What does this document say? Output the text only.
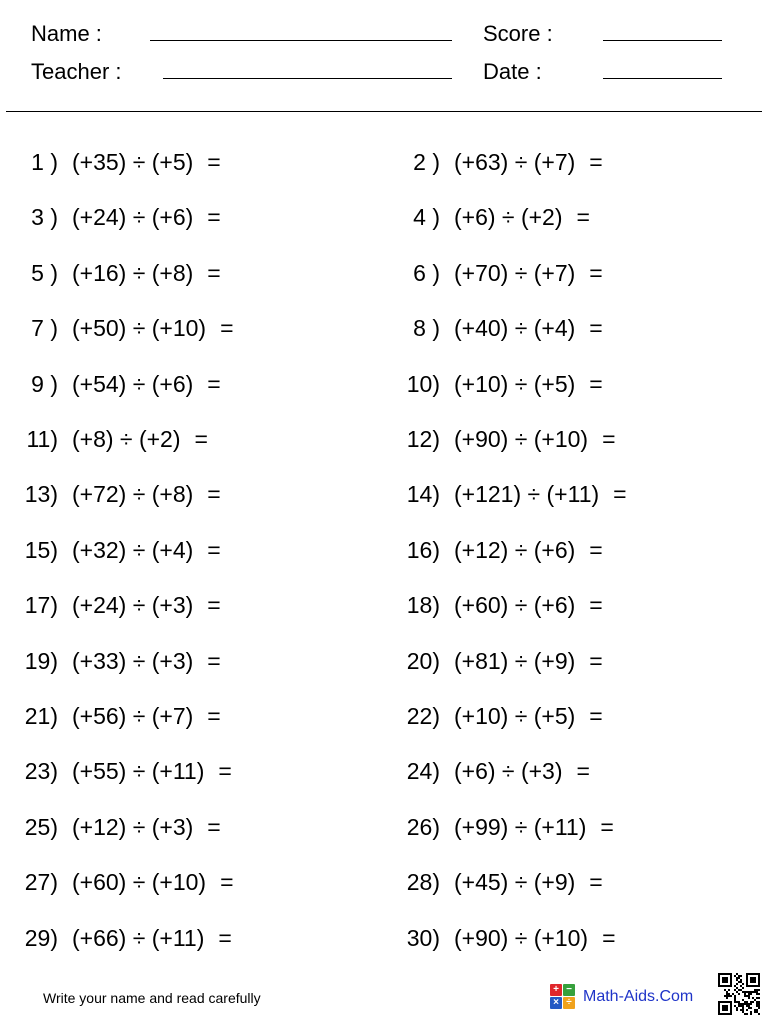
Name :
Teacher :
Score :
Date :
1 ) (+35) ÷ (+5) =	2 ) (+63) ÷ (+7) =
3 ) (+24) ÷ (+6) =	4 ) (+6) ÷ (+2) =
5 ) (+16) ÷ (+8) =	6 ) (+70) ÷ (+7) =
7 ) (+50) ÷ (+10) =	8 ) (+40) ÷ (+4) =
9 ) (+54) ÷ (+6) =	10) (+10) ÷ (+5) =
11) (+8) ÷ (+2) =	12) (+90) ÷ (+10) =
13) (+72) ÷ (+8) =	14) (+121) ÷ (+11) =
15) (+32) ÷ (+4) =	16) (+12) ÷ (+6) =
17) (+24) ÷ (+3) =	18) (+60) ÷ (+6) =
19) (+33) ÷ (+3) =	20) (+81) ÷ (+9) =
21) (+56) ÷ (+7) =	22) (+10) ÷ (+5) =
23) (+55) ÷ (+11) =	24) (+6) ÷ (+3) =
25) (+12) ÷ (+3) =	26) (+99) ÷ (+11) =
27) (+60) ÷ (+10) =	28) (+45) ÷ (+9) =
29) (+66) ÷ (+11) =	30) (+90) ÷ (+10) =
Write your name and read carefully
+ −
× ÷ Math-Aids.Com
